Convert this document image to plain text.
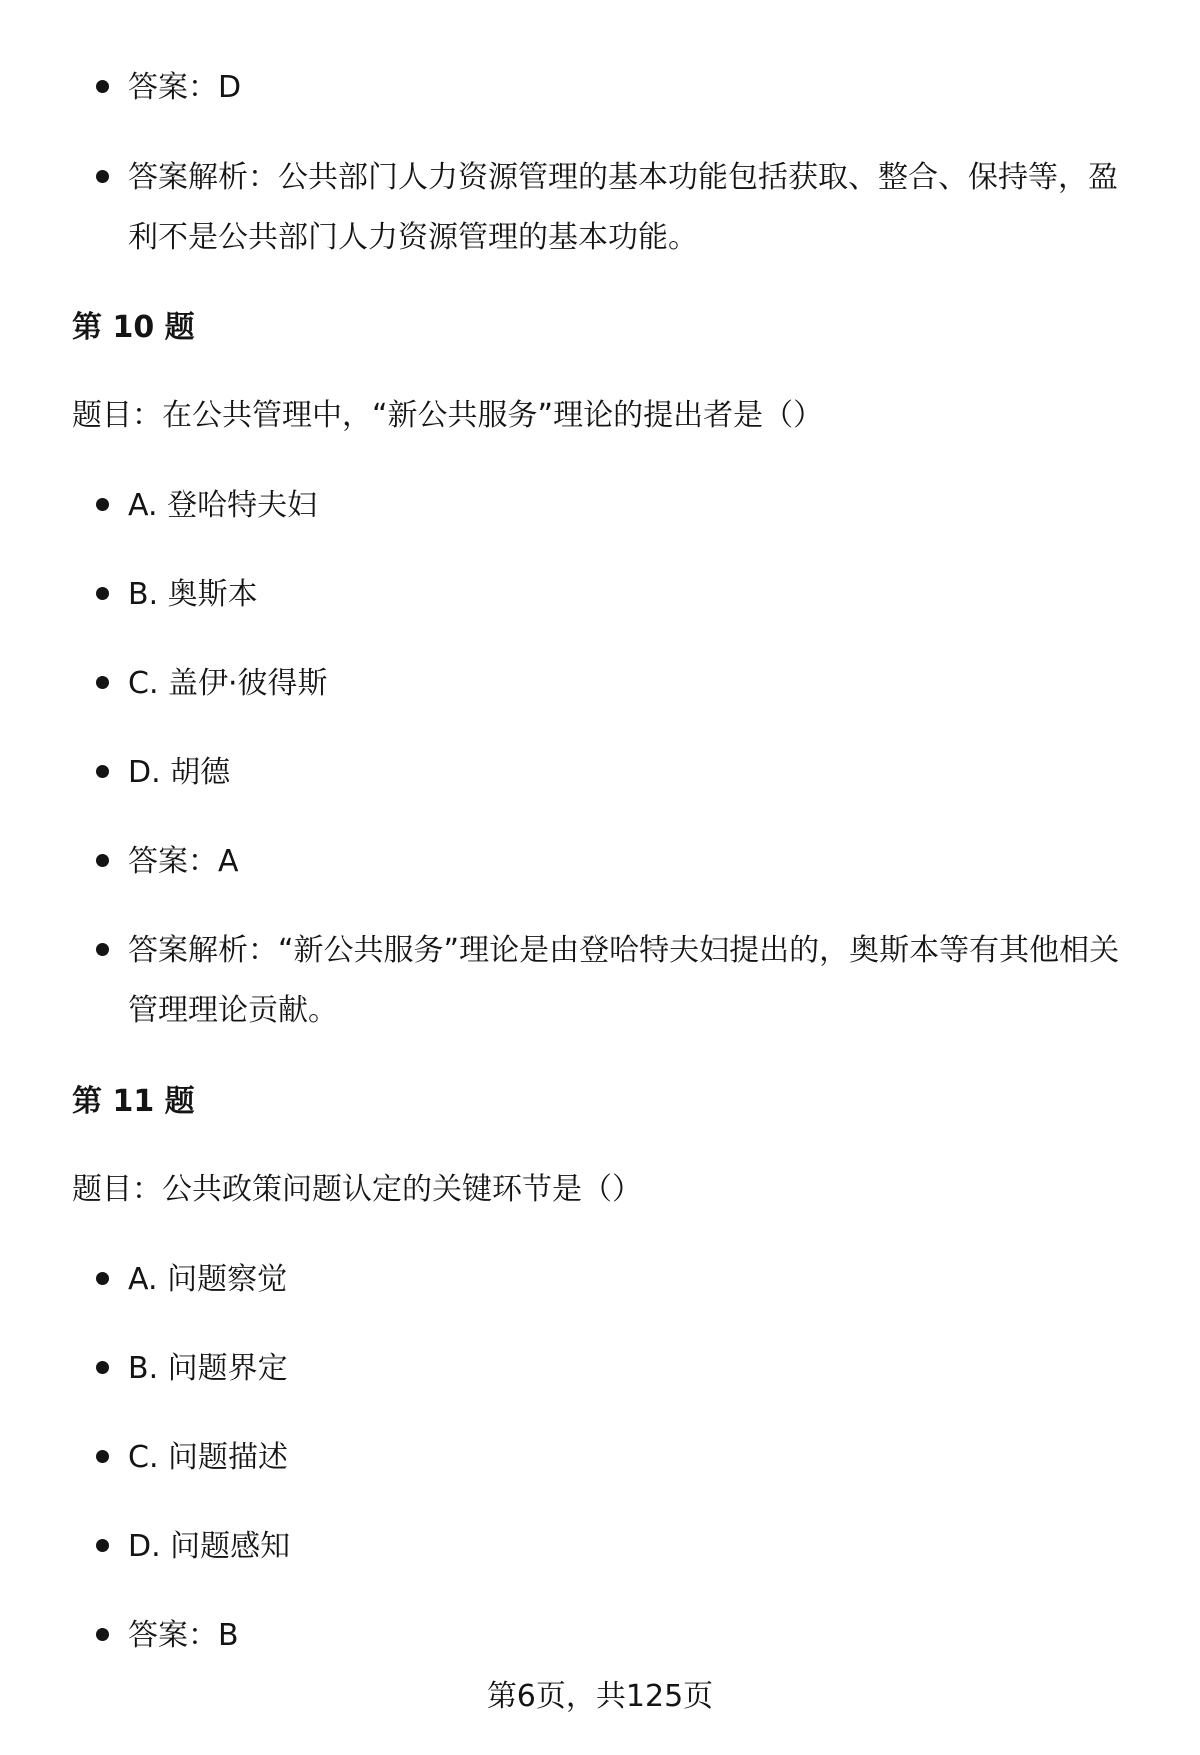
答案：D
答案解析：公共部门人力资源管理的基本功能包括获取、整合、保持等，盈利不是公共部门人力资源管理的基本功能。
第 10 题
题目：在公共管理中，“新公共服务”理论的提出者是（）
A. 登哈特夫妇
B. 奥斯本
C. 盖伊·彼得斯
D. 胡德
答案：A
答案解析：“新公共服务”理论是由登哈特夫妇提出的，奥斯本等有其他相关管理理论贡献。
第 11 题
题目：公共政策问题认定的关键环节是（）
A. 问题察觉
B. 问题界定
C. 问题描述
D. 问题感知
答案：B
第6页，共125页
